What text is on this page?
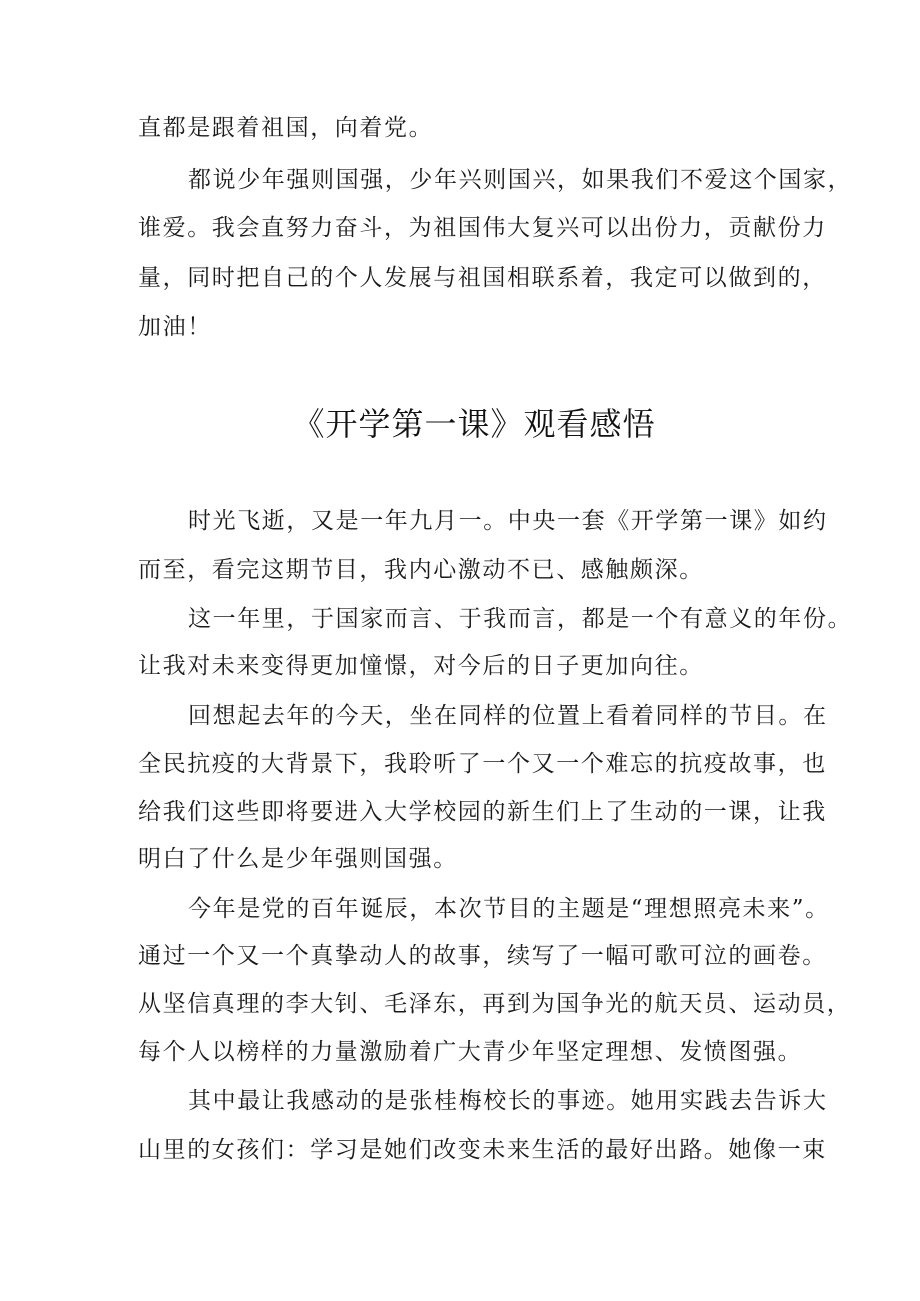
直都是跟着祖国，向着党。
都说少年强则国强，少年兴则国兴，如果我们不爱这个国家，
谁爱。我会直努力奋斗，为祖国伟大复兴可以出份力，贡献份力
量，同时把自己的个人发展与祖国相联系着，我定可以做到的，
加油！
《开学第一课》观看感悟
时光飞逝，又是一年九月一。中央一套《开学第一课》如约
而至，看完这期节目，我内心激动不已、感触颇深。
这一年里，于国家而言、于我而言，都是一个有意义的年份。
让我对未来变得更加憧憬，对今后的日子更加向往。
回想起去年的今天，坐在同样的位置上看着同样的节目。在
全民抗疫的大背景下，我聆听了一个又一个难忘的抗疫故事，也
给我们这些即将要进入大学校园的新生们上了生动的一课，让我
明白了什么是少年强则国强。
今年是党的百年诞辰，本次节目的主题是“理想照亮未来”。
通过一个又一个真挚动人的故事，续写了一幅可歌可泣的画卷。
从坚信真理的李大钊、毛泽东，再到为国争光的航天员、运动员，
每个人以榜样的力量激励着广大青少年坚定理想、发愤图强。
其中最让我感动的是张桂梅校长的事迹。她用实践去告诉大
山里的女孩们：学习是她们改变未来生活的最好出路。她像一束
